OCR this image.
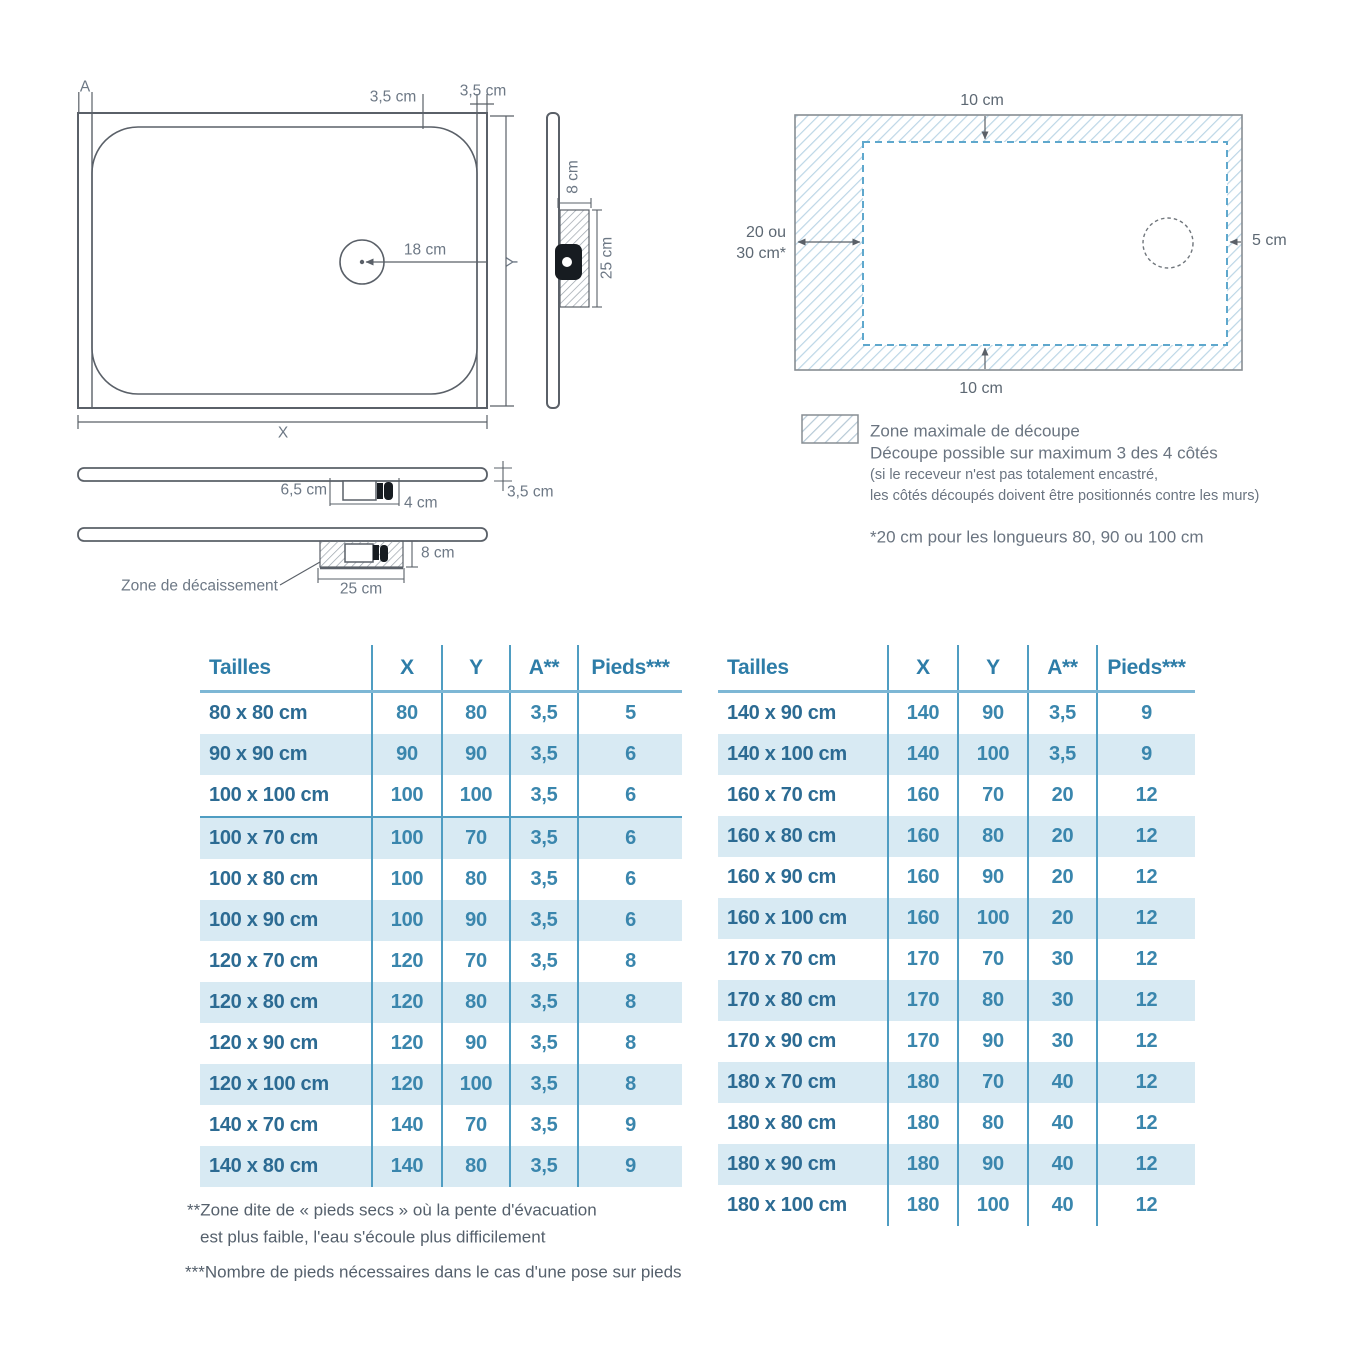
A
3,5 cm	3,5 cm
18 cm
X
Y
8 cm
25 cm
10 cm
20 ou
30 cm*
5 cm
10 cm
6,5 cm
4 cm
3,5 cm
8 cm
25 cm
Zone de décaissement
Zone maximale de découpe
Découpe possible sur maximum 3 des 4 côtés
(si le receveur n'est pas totalement encastré,
les côtés découpés doivent être positionnés contre les murs)
*20 cm pour les longueurs 80, 90 ou 100 cm
Tailles	X	Y	A**	Pieds***
80 x 80 cm	80	80	3,5	5
90 x 90 cm	90	90	3,5	6
100 x 100 cm	100	100	3,5	6
100 x 70 cm	100	70	3,5	6
100 x 80 cm	100	80	3,5	6
100 x 90 cm	100	90	3,5	6
120 x 70 cm	120	70	3,5	8
120 x 80 cm	120	80	3,5	8
120 x 90 cm	120	90	3,5	8
120 x 100 cm	120	100	3,5	8
140 x 70 cm	140	70	3,5	9
140 x 80 cm	140	80	3,5	9
Tailles	X	Y	A**	Pieds***
140 x 90 cm	140	90	3,5	9
140 x 100 cm	140	100	3,5	9
160 x 70 cm	160	70	20	12
160 x 80 cm	160	80	20	12
160 x 90 cm	160	90	20	12
160 x 100 cm	160	100	20	12
170 x 70 cm	170	70	30	12
170 x 80 cm	170	80	30	12
170 x 90 cm	170	90	30	12
180 x 70 cm	180	70	40	12
180 x 80 cm	180	80	40	12
180 x 90 cm	180	90	40	12
180 x 100 cm	180	100	40	12
**Zone dite de « pieds secs » où la pente d'évacuation
est plus faible, l'eau s'écoule plus difficilement
***Nombre de pieds nécessaires dans le cas d'une pose sur pieds
